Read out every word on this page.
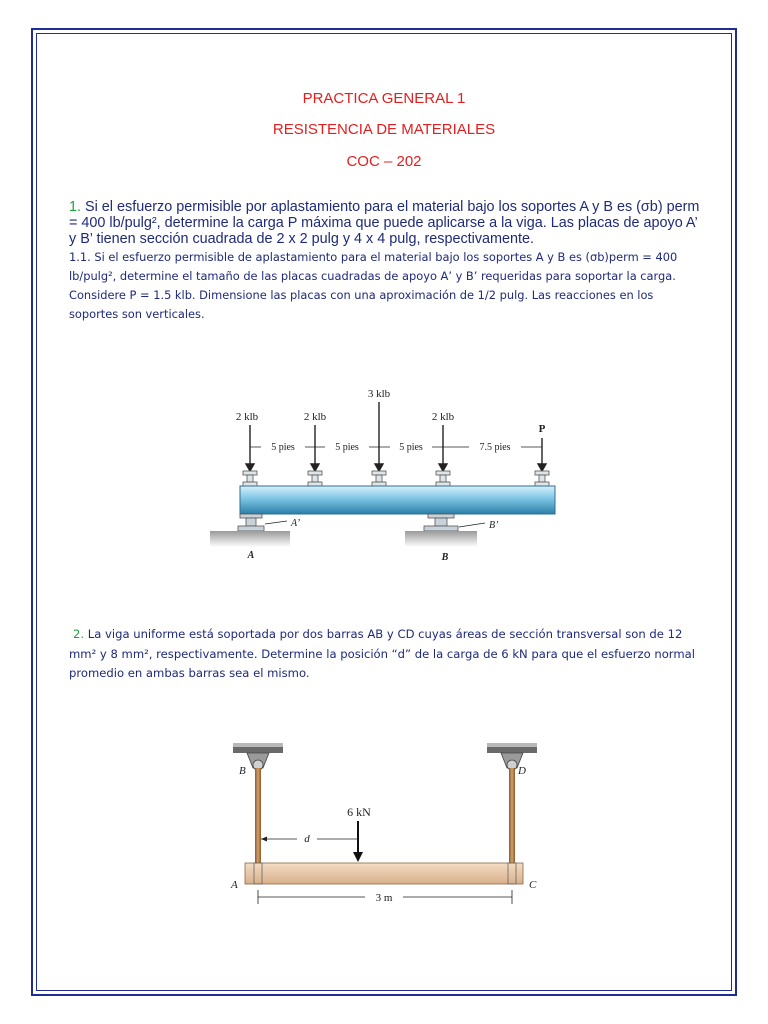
PRACTICA GENERAL 1
RESISTENCIA DE MATERIALES
COC – 202

1. Si el esfuerzo permisible por aplastamiento para el material bajo los soportes A y B es (σb) perm = 400 lb/pulg², determine la carga P máxima que puede aplicarse a la viga. Las placas de apoyo A’ y B’ tienen sección cuadrada de 2 x 2 pulg y 4 x 4 pulg, respectivamente.

1.1. Si el esfuerzo permisible de aplastamiento para el material bajo los soportes A y B es (σb)perm = 400 lb/pulg², determine el tamaño de las placas cuadradas de apoyo A’ y B’ requeridas para soportar la carga. Considere P = 1.5 klb. Dimensione las placas con una aproximación de 1/2 pulg. Las reacciones en los soportes son verticales.

2 klb	2 klb
3 klb
2 klb
P
5 pies	5 pies	5 pies	7.5 pies
A’	B’
A	B

2. La viga uniforme está soportada por dos barras AB y CD cuyas áreas de sección transversal son de 12 mm² y 8 mm², respectivamente. Determine la posición “d” de la carga de 6 kN para que el esfuerzo normal promedio en ambas barras sea el mismo.

B	D
6 kN
d
A	C
3 m
